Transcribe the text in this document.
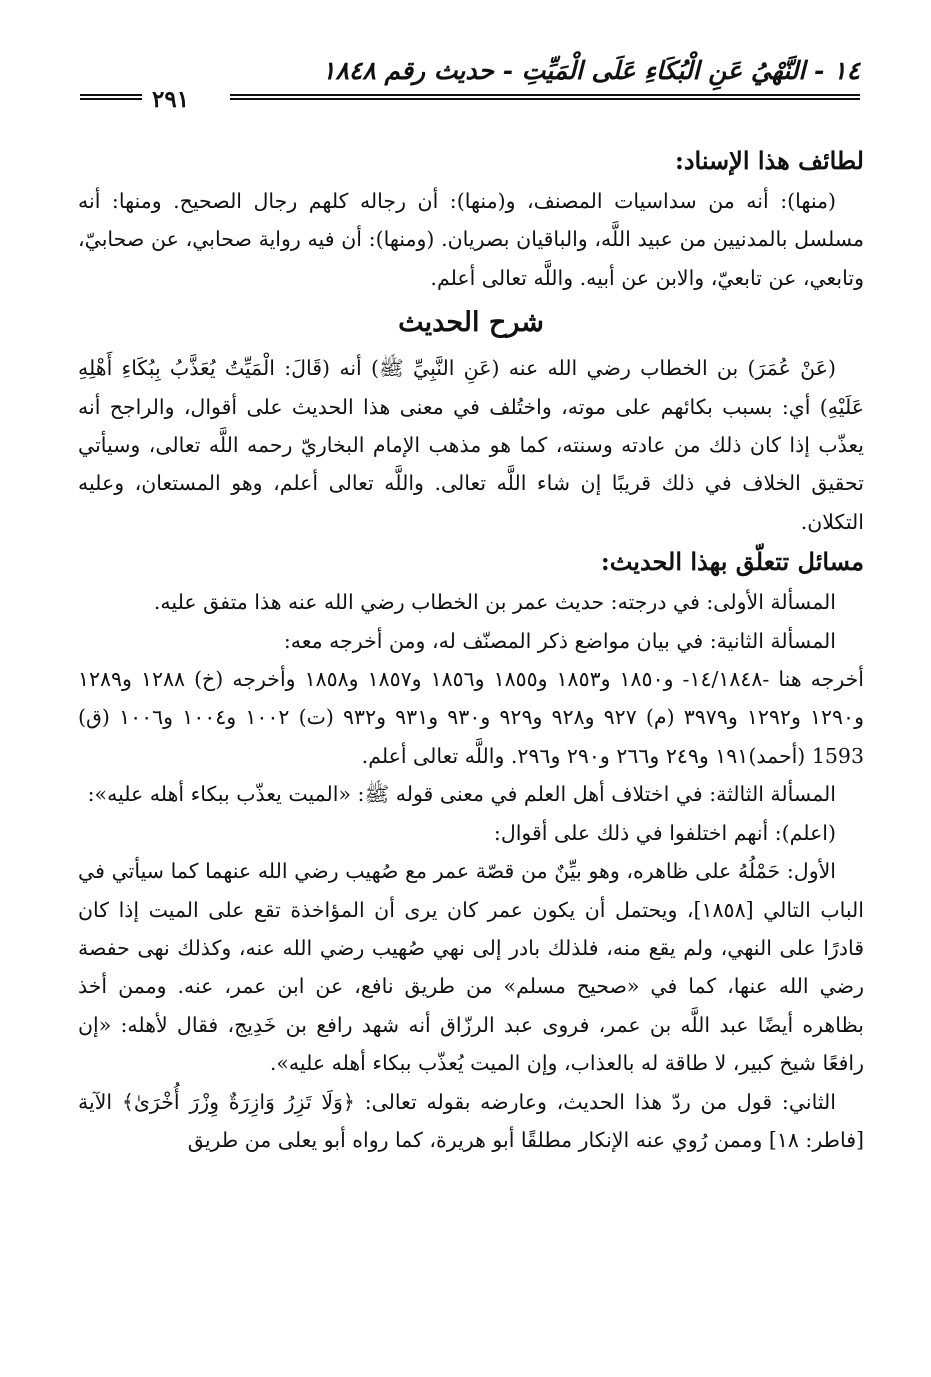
١٤ - النَّهْيُ عَنِ الْبُكَاءِ عَلَى الْمَيِّتِ - حديث رقم ١٨٤٨
٢٩١
لطائف هذا الإسناد:

(منها): أنه من سداسيات المصنف، و(منها): أن رجاله كلهم رجال الصحيح. ومنها: أنه مسلسل بالمدنيين من عبيد اللَّه، والباقيان بصريان. (ومنها): أن فيه رواية صحابي، عن صحابيّ، وتابعي، عن تابعيّ، والابن عن أبيه. واللَّه تعالى أعلم.

شرح الحديث

(عَنْ عُمَرَ) بن الخطاب رضي الله عنه (عَنِ النَّبِيِّ ﷺ) أنه (قَالَ: الْمَيِّتُ يُعَذَّبُ بِبُكَاءِ أَهْلِهِ عَلَيْهِ) أي: بسبب بكائهم على موته، واختُلف في معنى هذا الحديث على أقوال، والراجح أنه يعذّب إذا كان ذلك من عادته وسنته، كما هو مذهب الإمام البخاريّ رحمه اللَّه تعالى، وسيأتي تحقيق الخلاف في ذلك قريبًا إن شاء اللَّه تعالى. واللَّه تعالى أعلم، وهو المستعان، وعليه التكلان.

مسائل تتعلّق بهذا الحديث:

المسألة الأولى: في درجته: حديث عمر بن الخطاب رضي الله عنه هذا متفق عليه.

المسألة الثانية: في بيان مواضع ذكر المصنّف له، ومن أخرجه معه:

أخرجه هنا -١٤/١٨٤٨- و١٨٥٠ و١٨٥٣ و١٨٥٥ و١٨٥٦ و١٨٥٧ و١٨٥٨ وأخرجه (خ) ١٢٨٨ و١٢٨٩ و١٢٩٠ و١٢٩٢ و٣٩٧٩ (م) ٩٢٧ و٩٢٨ و٩٢٩ و٩٣٠ و٩٣١ و٩٣٢ (ت) ١٠٠٢ و١٠٠٤ و١٠٠٦ (ق) 1593 (أحمد)١٩١ و٢٤٩ و٢٦٦ و٢٩٠ و٢٩٦. واللَّه تعالى أعلم.

المسألة الثالثة: في اختلاف أهل العلم في معنى قوله ﷺ: «الميت يعذّب ببكاء أهله عليه»:

(اعلم): أنهم اختلفوا في ذلك على أقوال:

الأول: حَمْلُهُ على ظاهره، وهو بيِّنٌ من قصّة عمر مع صُهيب رضي الله عنهما كما سيأتي في الباب التالي [١٨٥٨]، ويحتمل أن يكون عمر كان يرى أن المؤاخذة تقع على الميت إذا كان قادرًا على النهي، ولم يقع منه، فلذلك بادر إلى نهي صُهيب رضي الله عنه، وكذلك نهى حفصة رضي الله عنها، كما في «صحيح مسلم» من طريق نافع، عن ابن عمر، عنه. وممن أخذ بظاهره أيضًا عبد اللَّه بن عمر، فروى عبد الرزّاق أنه شهد رافع بن خَدِيج، فقال لأهله: «إن رافعًا شيخ كبير، لا طاقة له بالعذاب، وإن الميت يُعذّب ببكاء أهله عليه».

الثاني: قول من ردّ هذا الحديث، وعارضه بقوله تعالى: ﴿وَلَا تَزِرُ وَازِرَةٌ وِزْرَ أُخْرَىٰ﴾ الآية [فاطر: ١٨] وممن رُوي عنه الإنكار مطلقًا أبو هريرة، كما رواه أبو يعلى من طريق
